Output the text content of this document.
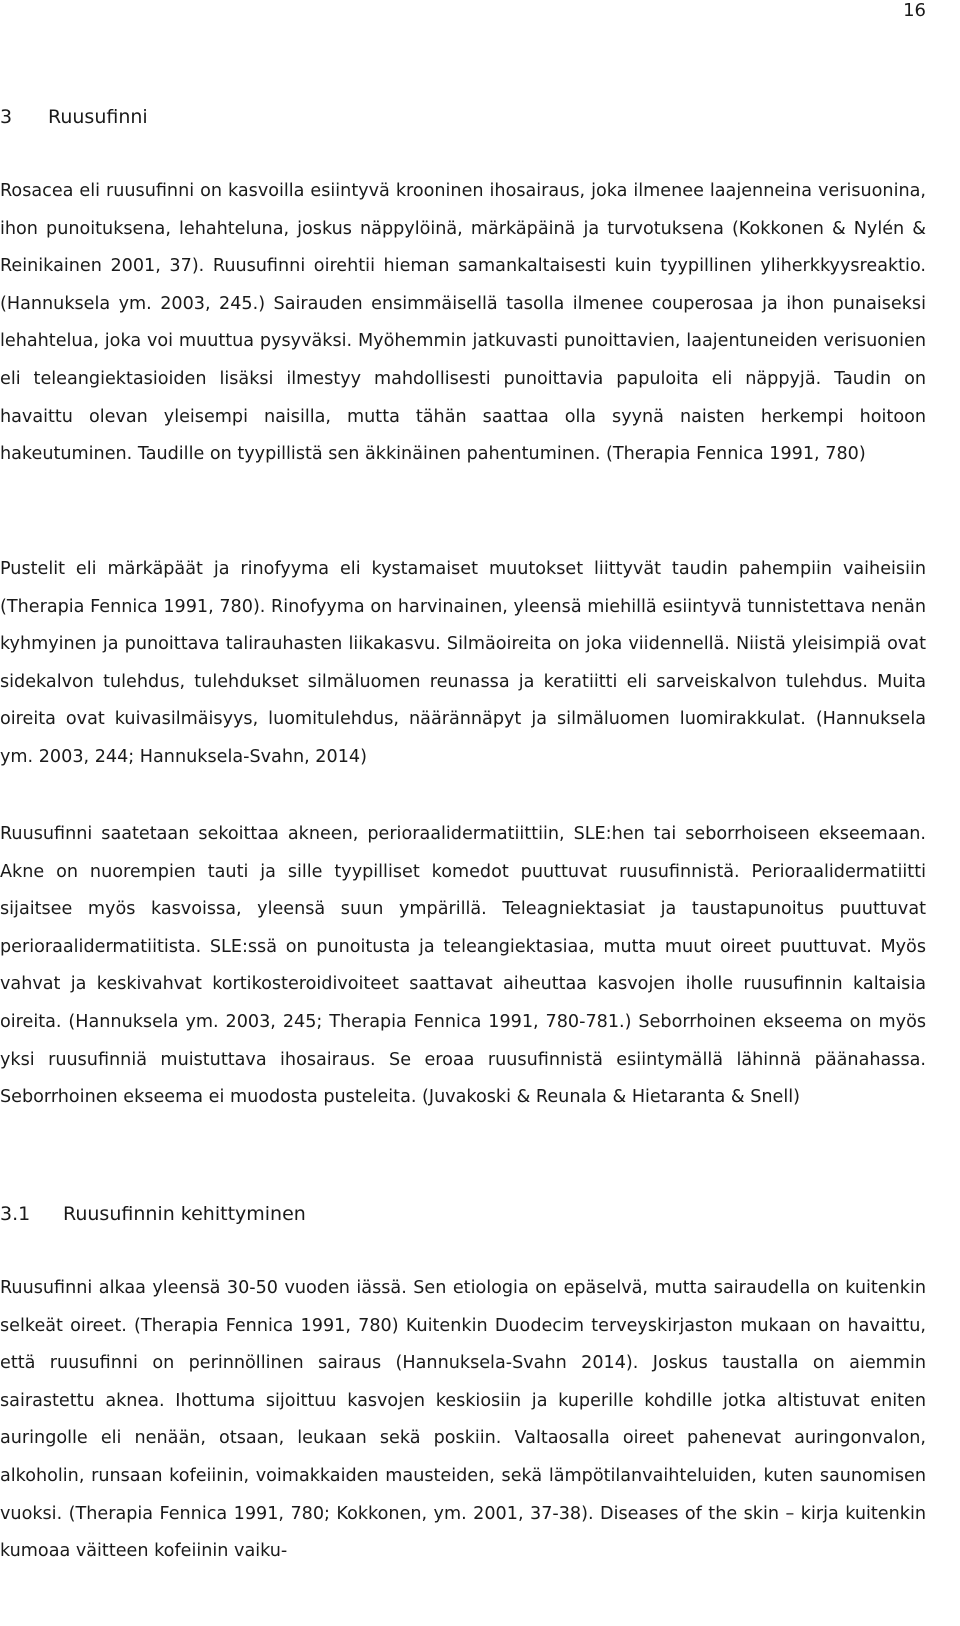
16
3 Ruusufinni

Rosacea eli ruusufinni on kasvoilla esiintyvä krooninen ihosairaus, joka ilmenee laajenneina verisuonina, ihon punoituksena, lehahteluna, joskus näppylöinä, märkäpäinä ja turvotuksena (Kokkonen & Nylén & Reinikainen 2001, 37). Ruusufinni oirehtii hieman samankaltaisesti kuin tyypillinen yliherkkyysreaktio. (Hannuksela ym. 2003, 245.) Sairauden ensimmäisellä tasolla ilmenee couperosaa ja ihon punaiseksi lehahtelua, joka voi muuttua pysyväksi. Myöhemmin jatkuvasti punoittavien, laajentuneiden verisuonien eli teleangiektasioiden lisäksi ilmestyy mahdollisesti punoittavia papuloita eli näppyjä. Taudin on havaittu olevan yleisempi naisilla, mutta tähän saattaa olla syynä naisten herkempi hoitoon hakeutuminen. Taudille on tyypillistä sen äkkinäinen pahentuminen. (Therapia Fennica 1991, 780)

Pustelit eli märkäpäät ja rinofyyma eli kystamaiset muutokset liittyvät taudin pahempiin vaiheisiin (Therapia Fennica 1991, 780). Rinofyyma on harvinainen, yleensä miehillä esiintyvä tunnistettava nenän kyhmyinen ja punoittava talirauhasten liikakasvu. Silmäoireita on joka viidennellä. Niistä yleisimpiä ovat sidekalvon tulehdus, tulehdukset silmäluomen reunassa ja keratiitti eli sarveiskalvon tulehdus. Muita oireita ovat kuivasilmäisyys, luomitulehdus, näärännäpyt ja silmäluomen luomirakkulat. (Hannuksela ym. 2003, 244; Hannuksela-Svahn, 2014)

Ruusufinni saatetaan sekoittaa akneen, perioraalidermatiittiin, SLE:hen tai seborrhoiseen ekseemaan. Akne on nuorempien tauti ja sille tyypilliset komedot puuttuvat ruusufinnistä. Perioraalidermatiitti sijaitsee myös kasvoissa, yleensä suun ympärillä. Teleagniektasiat ja taustapunoitus puuttuvat perioraalidermatiitista. SLE:ssä on punoitusta ja teleangiektasiaa, mutta muut oireet puuttuvat. Myös vahvat ja keskivahvat kortikosteroidivoiteet saattavat aiheuttaa kasvojen iholle ruusufinnin kaltaisia oireita. (Hannuksela ym. 2003, 245; Therapia Fennica 1991, 780-781.) Seborrhoinen ekseema on myös yksi ruusufinniä muistuttava ihosairaus. Se eroaa ruusufinnistä esiintymällä lähinnä päänahassa. Seborrhoinen ekseema ei muodosta pusteleita. (Juvakoski & Reunala & Hietaranta & Snell)

3.1 Ruusufinnin kehittyminen

Ruusufinni alkaa yleensä 30-50 vuoden iässä. Sen etiologia on epäselvä, mutta sairaudella on kuitenkin selkeät oireet. (Therapia Fennica 1991, 780) Kuitenkin Duodecim terveyskirjaston mukaan on havaittu, että ruusufinni on perinnöllinen sairaus (Hannuksela-Svahn 2014). Joskus taustalla on aiemmin sairastettu aknea. Ihottuma sijoittuu kasvojen keskiosiin ja kuperille kohdille jotka altistuvat eniten auringolle eli nenään, otsaan, leukaan sekä poskiin. Valtaosalla oireet pahenevat auringonvalon, alkoholin, runsaan kofeiinin, voimakkaiden mausteiden, sekä lämpötilanvaihteluiden, kuten saunomisen vuoksi. (Therapia Fennica 1991, 780; Kokkonen, ym. 2001, 37-38). Diseases of the skin – kirja kuitenkin kumoaa väitteen kofeiinin vaiku-
